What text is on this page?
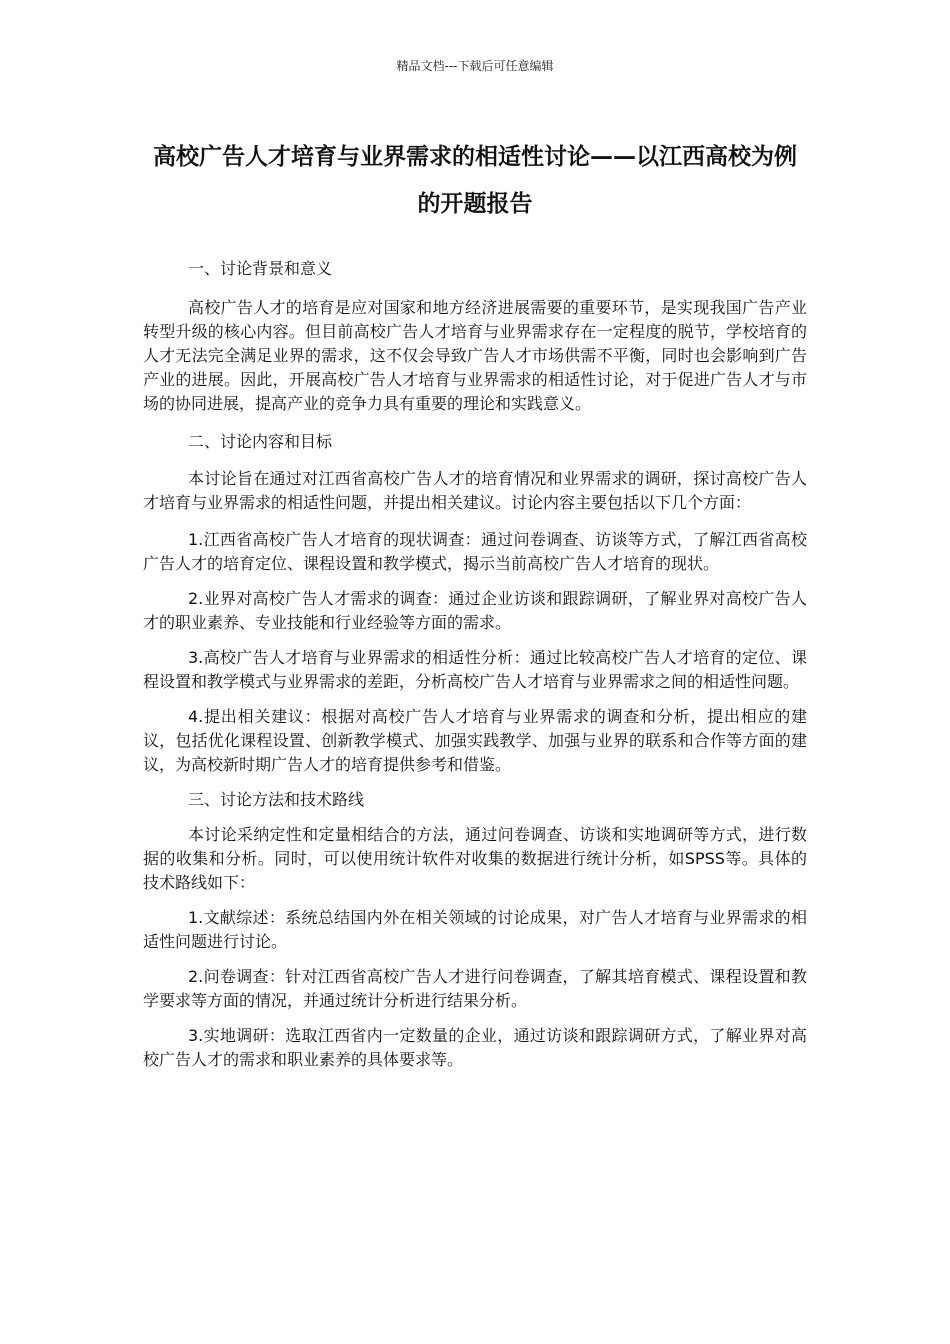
精品文档---下载后可任意编辑
高校广告人才培育与业界需求的相适性讨论——以江西高校为例的开题报告

一、讨论背景和意义

高校广告人才的培育是应对国家和地方经济进展需要的重要环节，是实现我国广告产业转型升级的核心内容。但目前高校广告人才培育与业界需求存在一定程度的脱节，学校培育的人才无法完全满足业界的需求，这不仅会导致广告人才市场供需不平衡，同时也会影响到广告产业的进展。因此，开展高校广告人才培育与业界需求的相适性讨论，对于促进广告人才与市场的协同进展，提高产业的竞争力具有重要的理论和实践意义。

二、讨论内容和目标

本讨论旨在通过对江西省高校广告人才的培育情况和业界需求的调研，探讨高校广告人才培育与业界需求的相适性问题，并提出相关建议。讨论内容主要包括以下几个方面：

1.江西省高校广告人才培育的现状调查：通过问卷调查、访谈等方式，了解江西省高校广告人才的培育定位、课程设置和教学模式，揭示当前高校广告人才培育的现状。

2.业界对高校广告人才需求的调查：通过企业访谈和跟踪调研，了解业界对高校广告人才的职业素养、专业技能和行业经验等方面的需求。

3.高校广告人才培育与业界需求的相适性分析：通过比较高校广告人才培育的定位、课程设置和教学模式与业界需求的差距，分析高校广告人才培育与业界需求之间的相适性问题。

4.提出相关建议：根据对高校广告人才培育与业界需求的调查和分析，提出相应的建议，包括优化课程设置、创新教学模式、加强实践教学、加强与业界的联系和合作等方面的建议，为高校新时期广告人才的培育提供参考和借鉴。

三、讨论方法和技术路线

本讨论采纳定性和定量相结合的方法，通过问卷调查、访谈和实地调研等方式，进行数据的收集和分析。同时，可以使用统计软件对收集的数据进行统计分析，如SPSS等。具体的技术路线如下：

1.文献综述：系统总结国内外在相关领域的讨论成果，对广告人才培育与业界需求的相适性问题进行讨论。

2.问卷调查：针对江西省高校广告人才进行问卷调查，了解其培育模式、课程设置和教学要求等方面的情况，并通过统计分析进行结果分析。

3.实地调研：选取江西省内一定数量的企业，通过访谈和跟踪调研方式，了解业界对高校广告人才的需求和职业素养的具体要求等。
